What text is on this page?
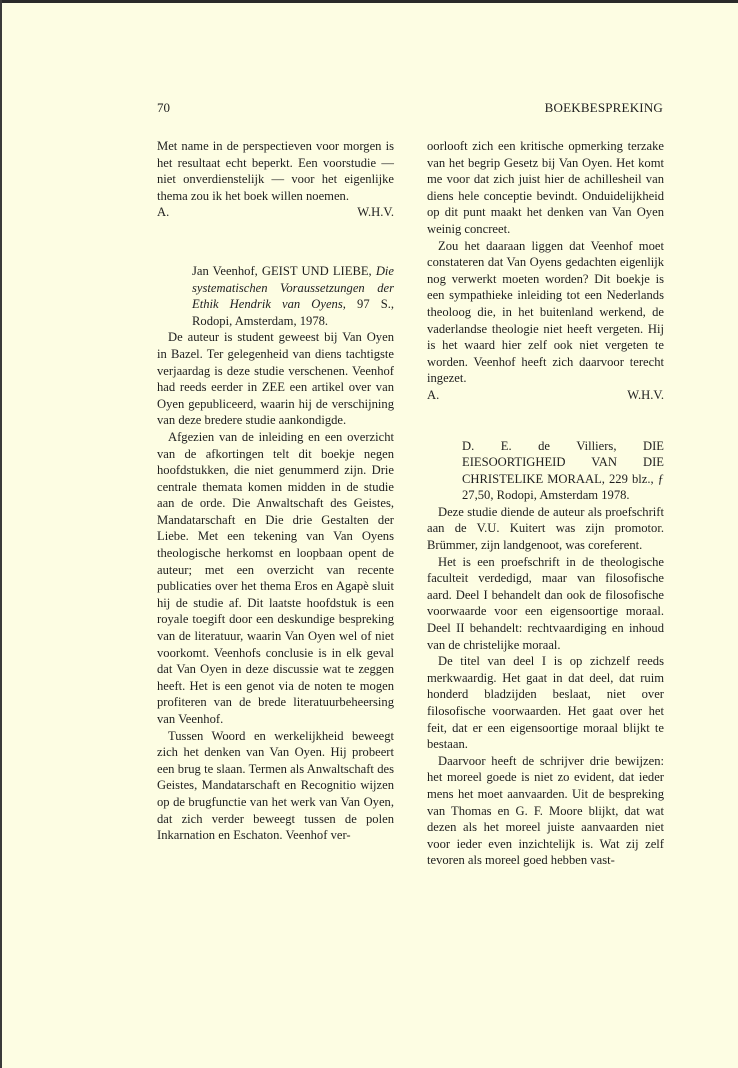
70	BOEKBESPREKING

Met name in de perspectieven voor morgen is het resultaat echt beperkt. Een voorstudie — niet onverdienstelijk — voor het eigenlijke thema zou ik het boek willen noemen.

A.	W.H.V.

Jan Veenhof, GEIST UND LIEBE, Die systematischen Voraussetzungen der Ethik Hendrik van Oyens, 97 S., Rodopi, Amsterdam, 1978.

De auteur is student geweest bij Van Oyen in Bazel. Ter gelegenheid van diens tachtigste verjaardag is deze studie verschenen. Veenhof had reeds eerder in ZEE een artikel over van Oyen gepubliceerd, waarin hij de verschijning van deze bredere studie aankondigde.

Afgezien van de inleiding en een overzicht van de afkortingen telt dit boekje negen hoofdstukken, die niet genummerd zijn. Drie centrale themata komen midden in de studie aan de orde. Die Anwaltschaft des Geistes, Mandatarschaft en Die drie Gestalten der Liebe. Met een tekening van Van Oyens theologische herkomst en loopbaan opent de auteur; met een overzicht van recente publicaties over het thema Eros en Agapè sluit hij de studie af. Dit laatste hoofdstuk is een royale toegift door een deskundige bespreking van de literatuur, waarin Van Oyen wel of niet voorkomt. Veenhofs conclusie is in elk geval dat Van Oyen in deze discussie wat te zeggen heeft. Het is een genot via de noten te mogen profiteren van de brede literatuurbeheersing van Veenhof.

Tussen Woord en werkelijkheid beweegt zich het denken van Van Oyen. Hij probeert een brug te slaan. Termen als Anwaltschaft des Geistes, Mandatarschaft en Recognitio wijzen op de brugfunctie van het werk van Van Oyen, dat zich verder beweegt tussen de polen Inkarnation en Eschaton. Veenhof ver-

oorlooft zich een kritische opmerking terzake van het begrip Gesetz bij Van Oyen. Het komt me voor dat zich juist hier de achillesheil van diens hele conceptie bevindt. Onduidelijkheid op dit punt maakt het denken van Van Oyen weinig concreet.

Zou het daaraan liggen dat Veenhof moet constateren dat Van Oyens gedachten eigenlijk nog verwerkt moeten worden? Dit boekje is een sympathieke inleiding tot een Nederlands theoloog die, in het buitenland werkend, de vaderlandse theologie niet heeft vergeten. Hij is het waard hier zelf ook niet vergeten te worden. Veenhof heeft zich daarvoor terecht ingezet.

A.	W.H.V.

D. E. de Villiers, DIE EIESOORTIGHEID VAN DIE CHRISTELIKE MORAAL, 229 blz., ƒ 27,50, Rodopi, Amsterdam 1978.

Deze studie diende de auteur als proefschrift aan de V.U. Kuitert was zijn promotor. Brümmer, zijn landgenoot, was coreferent.

Het is een proefschrift in de theologische faculteit verdedigd, maar van filosofische aard. Deel I behandelt dan ook de filosofische voorwaarde voor een eigensoortige moraal. Deel II behandelt: rechtvaardiging en inhoud van de christelijke moraal.

De titel van deel I is op zichzelf reeds merkwaardig. Het gaat in dat deel, dat ruim honderd bladzijden beslaat, niet over filosofische voorwaarden. Het gaat over het feit, dat er een eigensoortige moraal blijkt te bestaan.

Daarvoor heeft de schrijver drie bewijzen: het moreel goede is niet zo evident, dat ieder mens het moet aanvaarden. Uit de bespreking van Thomas en G. F. Moore blijkt, dat wat dezen als het moreel juiste aanvaarden niet voor ieder even inzichtelijk is. Wat zij zelf tevoren als moreel goed hebben vast-
